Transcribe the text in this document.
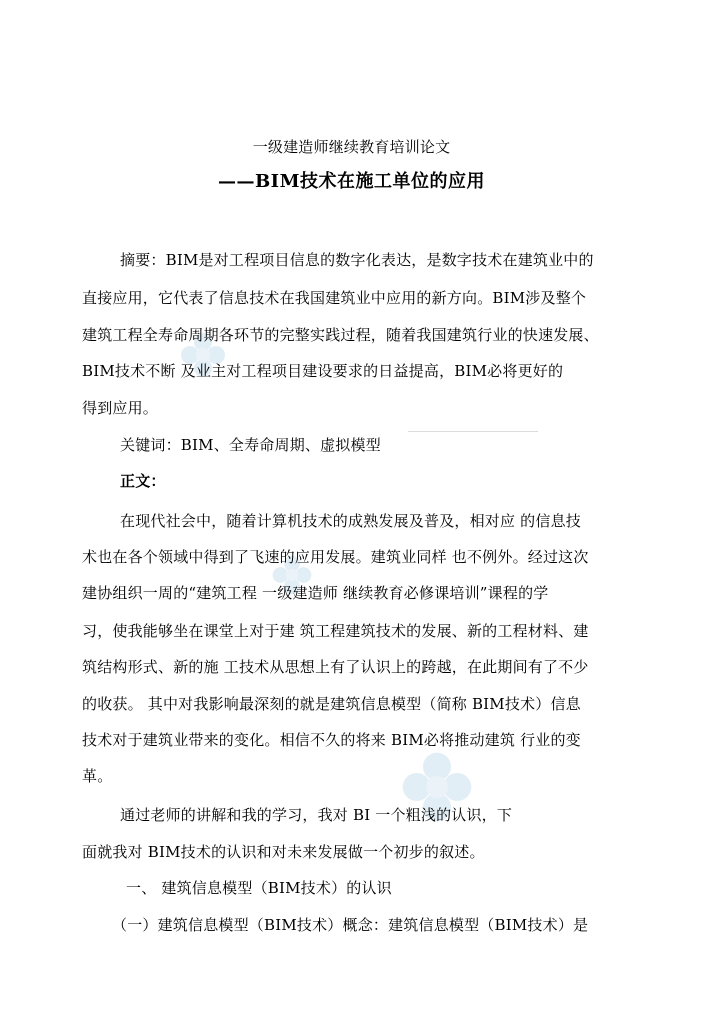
一级建造师继续教育培训论文
——BIM技术在施工单位的应用
摘要：BIM是对工程项目信息的数字化表达，是数字技术在建筑业中的
直接应用，它代表了信息技术在我国建筑业中应用的新方向。BIM涉及整个
建筑工程全寿命周期各环节的完整实践过程，随着我国建筑行业的快速发展、
BIM技术不断 及业主对工程项目建设要求的日益提高，BIM必将更好的
得到应用。
关键词：BIM、全寿命周期、虚拟模型
正文：
在现代社会中，随着计算机技术的成熟发展及普及，相对应 的信息技
术也在各个领域中得到了飞速的应用发展。建筑业同样 也不例外。经过这次
建协组织一周的“建筑工程 一级建造师 继续教育必修课培训”课程的学
习，使我能够坐在课堂上对于建 筑工程建筑技术的发展、新的工程材料、建
筑结构形式、新的施 工技术从思想上有了认识上的跨越，在此期间有了不少
的收获。 其中对我影响最深刻的就是建筑信息模型（简称 BIM技术）信息
技术对于建筑业带来的变化。相信不久的将来 BIM必将推动建筑 行业的变
革。
通过老师的讲解和我的学习，我对 BI 一个粗浅的认识，下
面就我对 BIM技术的认识和对未来发展做一个初步的叙述。
一、 建筑信息模型（BIM技术）的认识
（一）建筑信息模型（BIM技术）概念：建筑信息模型（BIM技术）是
